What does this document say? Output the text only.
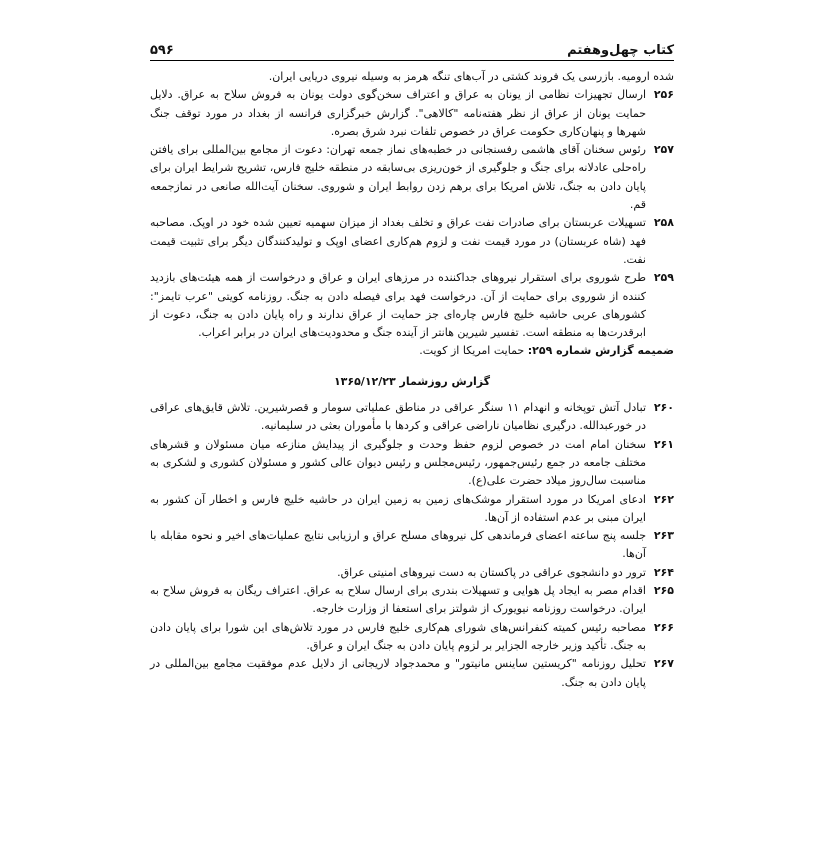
کتاب چهل‌وهفتم
۵۹۶

شده ارومیه. بازرسی یک فروند کشتی در آب‌های تنگه هرمز به وسیله نیروی دریایی ایران.

۲۵۶

ارسال تجهیزات نظامی از یونان به عراق و اعتراف سخن‌گوی دولت یونان به فروش سلاح به عراق. دلایل حمایت یونان از عراق از نظر هفته‌نامه "کالاهی". گزارش خبرگزاری فرانسه از بغداد در مورد توقف جنگ شهرها و پنهان‌کاری حکومت عراق در خصوص تلفات نبرد شرق بصره.

۲۵۷

رئوس سخنان آقای هاشمی رفسنجانی در خطبه‌های نماز جمعه تهران: دعوت از مجامع بین‌المللی برای یافتن راه‌حلی عادلانه برای جنگ و جلوگیری از خون‌ریزی بی‌سابقه در منطقه خلیج فارس، تشریح شرایط ایران برای پایان دادن به جنگ، تلاش امریکا برای برهم زدن روابط ایران و شوروی. سخنان آیت‌الله صانعی در نمازجمعه قم.

۲۵۸

تسهیلات عربستان برای صادرات نفت عراق و تخلف بغداد از میزان سهمیه تعیین شده خود در اوپک. مصاحبه فهد (شاه عربستان) در مورد قیمت نفت و لزوم هم‌کاری اعضای اوپک و تولیدکنندگان دیگر برای تثبیت قیمت نفت.

۲۵۹

طرح شوروی برای استقرار نیروهای جداکننده در مرزهای ایران و عراق و درخواست از همه هیئت‌های بازدید کننده از شوروی برای حمایت از آن. درخواست فهد برای فیصله دادن به جنگ. روزنامه کویتی "عرب تایمز": کشورهای عربی حاشیه خلیج فارس چاره‌ای جز حمایت از عراق ندارند و راه پایان دادن به جنگ، دعوت از ابرقدرت‌ها به منطقه است. تفسیر شیرین هانتر از آینده جنگ و محدودیت‌های ایران در برابر اعراب.

ضمیمه گزارش شماره ۲۵۹: حمایت امریکا از کویت.

گزارش روزشمار ۱۳۶۵/۱۲/۲۳
۲۶۰

تبادل آتش توپخانه و انهدام ۱۱ سنگر عراقی در مناطق عملیاتی سومار و قصرشیرین. تلاش قایق‌های عراقی در خورعبدالله. درگیری نظامیان ناراضی عراقی و کردها با مأموران بعثی در سلیمانیه.

۲۶۱

سخنان امام امت در خصوص لزوم حفظ وحدت و جلوگیری از پیدایش منازعه میان مسئولان و قشرهای مختلف جامعه در جمع رئیس‌جمهور، رئیس‌مجلس و رئیس دیوان عالی کشور و مسئولان کشوری و لشکری به مناسبت سال‌روز میلاد حضرت علی(ع).

۲۶۲

ادعای امریکا در مورد استقرار موشک‌های زمین به زمین ایران در حاشیه خلیج فارس و اخطار آن کشور به ایران مبنی بر عدم استفاده از آن‌ها.

۲۶۳

جلسه پنج ساعته اعضای فرماندهی کل نیروهای مسلح عراق و ارزیابی نتایج عملیات‌های اخیر و نحوه مقابله با آن‌ها.

۲۶۴

ترور دو دانشجوی عراقی در پاکستان به دست نیروهای امنیتی عراق.

۲۶۵

اقدام مصر به ایجاد پل هوایی و تسهیلات بندری برای ارسال سلاح به عراق. اعتراف ریگان به فروش سلاح به ایران. درخواست روزنامه نیویورک از شولتز برای استعفا از وزارت خارجه.

۲۶۶

مصاحبه رئیس کمیته کنفرانس‌های شورای هم‌کاری خلیج فارس در مورد تلاش‌های این شورا برای پایان دادن به جنگ. تأکید وزیر خارجه الجزایر بر لزوم پایان دادن به جنگ ایران و عراق.

۲۶۷

تحلیل روزنامه "کریستین ساینس مانیتور" و محمدجواد لاریجانی از دلایل عدم موفقیت مجامع بین‌المللی در پایان دادن به جنگ.
